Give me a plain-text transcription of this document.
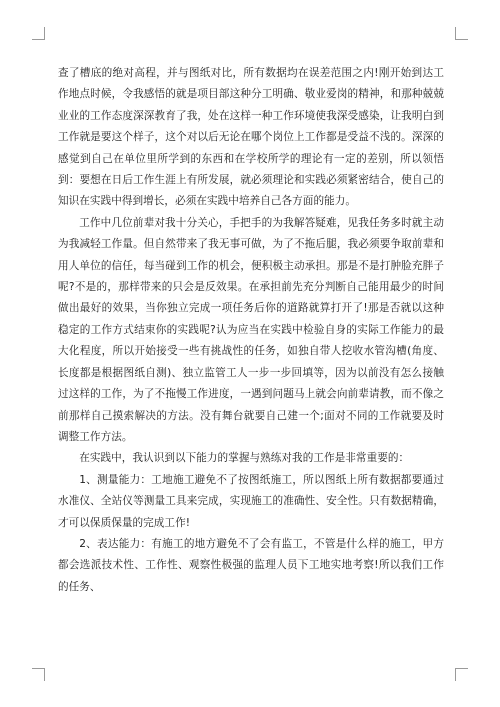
查了槽底的绝对高程，并与图纸对比，所有数据均在误差范围之内!刚开始到达工作地点时候，令我感悟的就是项目部这种分工明确、敬业爱岗的精神，和那种兢兢业业的工作态度深深教育了我，处在这样一种工作环境使我深受感染，让我明白到工作就是要这个样子，这个对以后无论在哪个岗位上工作都是受益不浅的。深深的感觉到自己在单位里所学到的东西和在学校所学的理论有一定的差别，所以领悟到：要想在日后工作生涯上有所发展，就必须理论和实践必须紧密结合，使自己的知识在实践中得到增长，必须在实践中培养自己各方面的能力。

工作中几位前辈对我十分关心，手把手的为我解答疑难，见我任务多时就主动为我减轻工作量。但自然带来了我无事可做，为了不拖后腿，我必须要争取前辈和用人单位的信任，每当碰到工作的机会，便积极主动承担。那是不是打肿脸充胖子呢?不是的，那样带来的只会是反效果。在承担前先充分判断自己能用最少的时间做出最好的效果，当你独立完成一项任务后你的道路就算打开了!那是否就以这种稳定的工作方式结束你的实践呢?认为应当在实践中检验自身的实际工作能力的最大化程度，所以开始接受一些有挑战性的任务，如独自带人挖收水管沟槽(角度、长度都是根据图纸自测)、独立监管工人一步一步回填等，因为以前没有怎么接触过这样的工作，为了不拖慢工作进度，一遇到问题马上就会向前辈请教，而不像之前那样自己摸索解决的方法。没有舞台就要自己建一个;面对不同的工作就要及时调整工作方法。

在实践中，我认识到以下能力的掌握与熟练对我的工作是非常重要的：

1、测量能力：工地施工避免不了按图纸施工，所以图纸上所有数据都要通过水准仪、全站仪等测量工具来完成，实现施工的准确性、安全性。只有数据精确，才可以保质保量的完成工作!

2、表达能力：有施工的地方避免不了会有监工，不管是什么样的施工，甲方都会选派技术性、工作性、观察性极强的监理人员下工地实地考察!所以我们工作的任务、
